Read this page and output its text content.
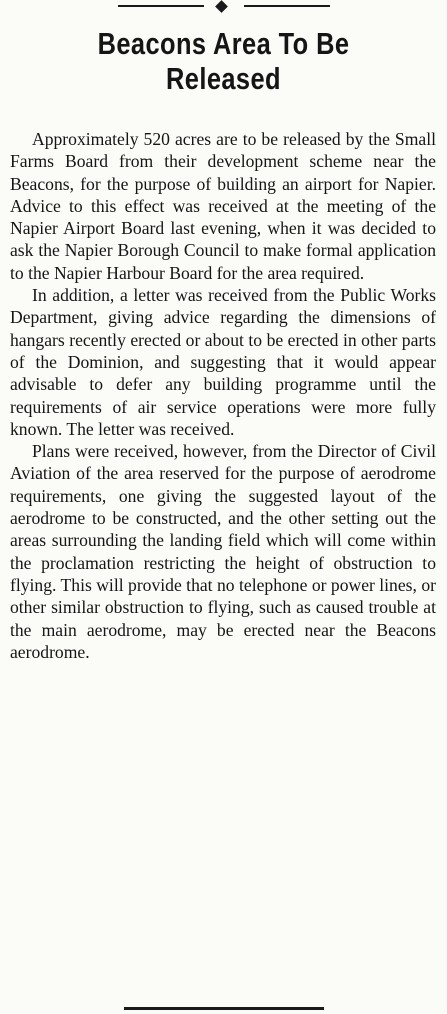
Beacons Area To Be Released

Approximately 520 acres are to be released by the Small Farms Board from their development scheme near the Beacons, for the purpose of building an airport for Napier. Advice to this effect was received at the meeting of the Napier Airport Board last evening, when it was decided to ask the Napier Borough Council to make formal application to the Napier Harbour Board for the area required.

In addition, a letter was received from the Public Works Department, giving advice regarding the dimensions of hangars recently erected or about to be erected in other parts of the Dominion, and suggesting that it would appear advisable to defer any building programme until the requirements of air service operations were more fully known. The letter was received.

Plans were received, however, from the Director of Civil Aviation of the area reserved for the purpose of aerodrome requirements, one giving the suggested layout of the aerodrome to be constructed, and the other setting out the areas surrounding the landing field which will come within the proclamation restricting the height of obstruction to flying. This will provide that no telephone or power lines, or other similar obstruction to flying, such as caused trouble at the main aerodrome, may be erected near the Beacons aerodrome.
